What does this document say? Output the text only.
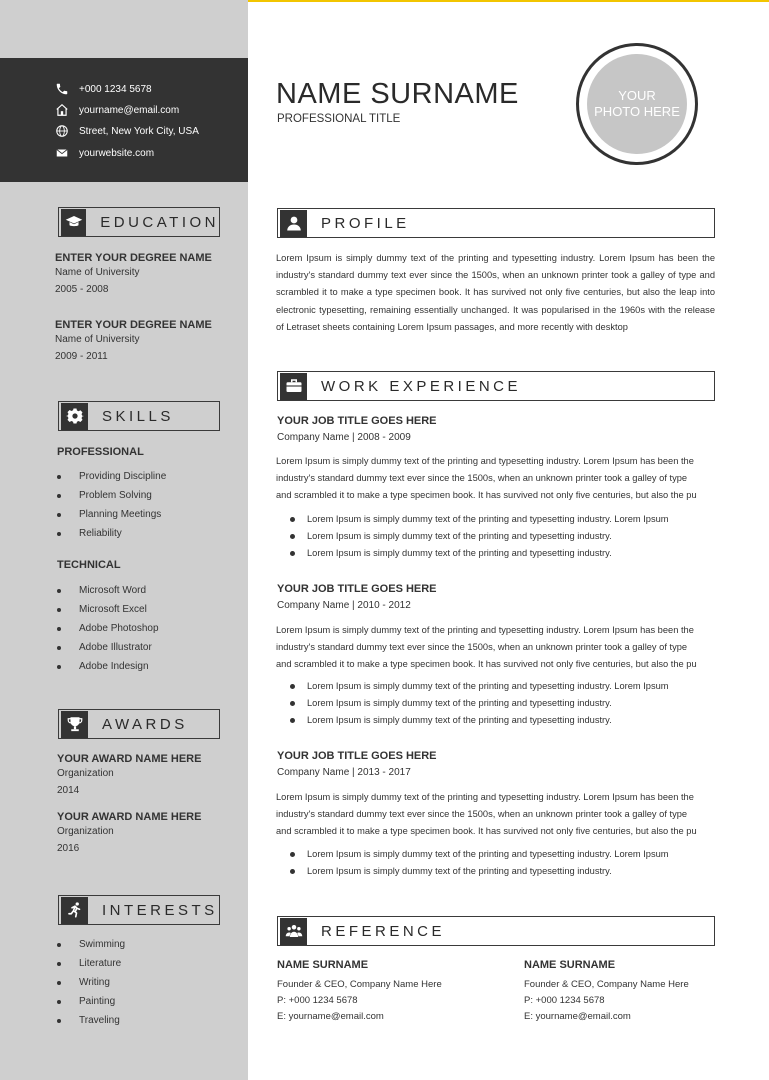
+000 1234 5678
yourname@email.com
Street, New York City, USA
yourwebsite.com
EDUCATION
ENTER YOUR DEGREE NAME
Name of University
2005 - 2008
ENTER YOUR DEGREE NAME
Name of University
2009 - 2011
SKILLS
PROFESSIONAL
Providing Discipline
Problem Solving
Planning Meetings
Reliability
TECHNICAL
Microsoft Word
Microsoft Excel
Adobe Photoshop
Adobe Illustrator
Adobe Indesign
AWARDS
YOUR AWARD NAME HERE
Organization
2014
YOUR AWARD NAME HERE
Organization
2016
INTERESTS
Swimming
Literature
Writing
Painting
Traveling
NAME SURNAME
PROFESSIONAL TITLE
YOUR
PHOTO HERE
PROFILE
Lorem Ipsum is simply dummy text of the printing and typesetting industry. Lorem Ipsum has been the industry's standard dummy text ever since the 1500s, when an unknown printer took a galley of type and scrambled it to make a type specimen book. It has survived not only five centuries, but also the leap into electronic typesetting, remaining essentially unchanged. It was popularised in the 1960s with the release of Letraset sheets containing Lorem Ipsum passages, and more recently with desktop
WORK EXPERIENCE
YOUR JOB TITLE GOES HERE
Company Name | 2008 - 2009
Lorem Ipsum is simply dummy text of the printing and typesetting industry. Lorem Ipsum has been the
industry's standard dummy text ever since the 1500s, when an unknown printer took a galley of type
and scrambled it to make a type specimen book. It has survived not only five centuries, but also the pu
Lorem Ipsum is simply dummy text of the printing and typesetting industry. Lorem Ipsum
Lorem Ipsum is simply dummy text of the printing and typesetting industry.
Lorem Ipsum is simply dummy text of the printing and typesetting industry.
YOUR JOB TITLE GOES HERE
Company Name | 2010 - 2012
Lorem Ipsum is simply dummy text of the printing and typesetting industry. Lorem Ipsum has been the
industry's standard dummy text ever since the 1500s, when an unknown printer took a galley of type
and scrambled it to make a type specimen book. It has survived not only five centuries, but also the pu
Lorem Ipsum is simply dummy text of the printing and typesetting industry. Lorem Ipsum
Lorem Ipsum is simply dummy text of the printing and typesetting industry.
Lorem Ipsum is simply dummy text of the printing and typesetting industry.
YOUR JOB TITLE GOES HERE
Company Name | 2013 - 2017
Lorem Ipsum is simply dummy text of the printing and typesetting industry. Lorem Ipsum has been the
industry's standard dummy text ever since the 1500s, when an unknown printer took a galley of type
and scrambled it to make a type specimen book. It has survived not only five centuries, but also the pu
Lorem Ipsum is simply dummy text of the printing and typesetting industry. Lorem Ipsum
Lorem Ipsum is simply dummy text of the printing and typesetting industry.
REFERENCE
NAME SURNAME
Founder & CEO, Company Name Here
P: +000 1234 5678
E: yourname@email.com
NAME SURNAME
Founder & CEO, Company Name Here
P: +000 1234 5678
E: yourname@email.com
